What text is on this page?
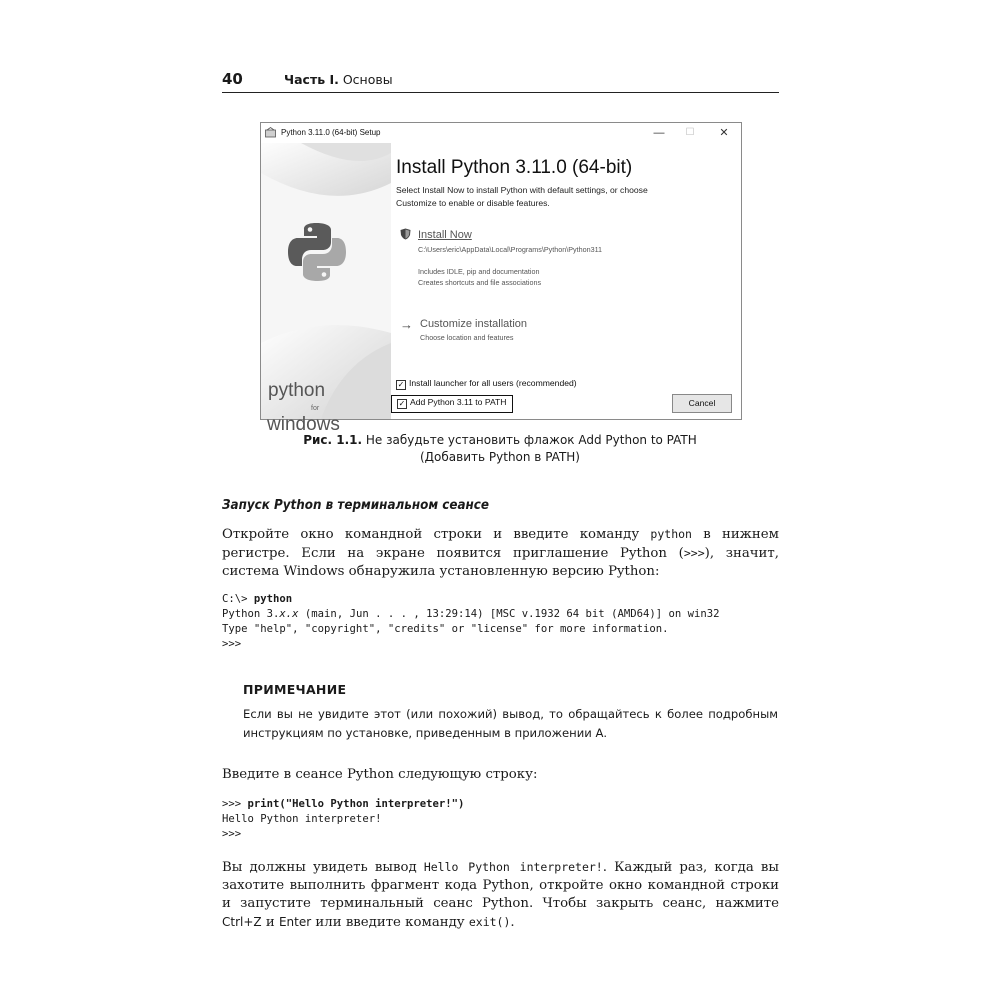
40	Часть I. Основы
Python 3.11.0 (64-bit) Setup	—	☐	✕
python
for
windows
Install Python 3.11.0 (64-bit)
Select Install Now to install Python with default settings, or choose
Customize to enable or disable features.
Install Now
C:\Users\eric\AppData\Local\Programs\Python\Python311
Includes IDLE, pip and documentation
Creates shortcuts and file associations
→ Customize installation
Choose location and features
✓ Install launcher for all users (recommended)
✓ Add Python 3.11 to PATH	Cancel
Рис. 1.1. Не забудьте установить флажок Add Python to PATH
(Добавить Python в PATH)
Запуск Python в терминальном сеансе
Откройте окно командной строки и введите команду python в нижнем регистре. Если на экране появится приглашение Python (>>>), значит, система Windows обнаружила установленную версию Python:
C:\> python
Python 3.x.x (main, Jun . . . , 13:29:14) [MSC v.1932 64 bit (AMD64)] on win32
Type "help", "copyright", "credits" or "license" for more information.
>>>
ПРИМЕЧАНИЕ
Если вы не увидите этот (или похожий) вывод, то обращайтесь к более подробным инструкциям по установке, приведенным в приложении А.
Введите в сеансе Python следующую строку:
>>> print("Hello Python interpreter!")
Hello Python interpreter!
>>>
Вы должны увидеть вывод Hello Python interpreter!. Каждый раз, когда вы захотите выполнить фрагмент кода Python, откройте окно командной строки и запустите терминальный сеанс Python. Чтобы закрыть сеанс, нажмите Ctrl+Z и Enter или введите команду exit().
